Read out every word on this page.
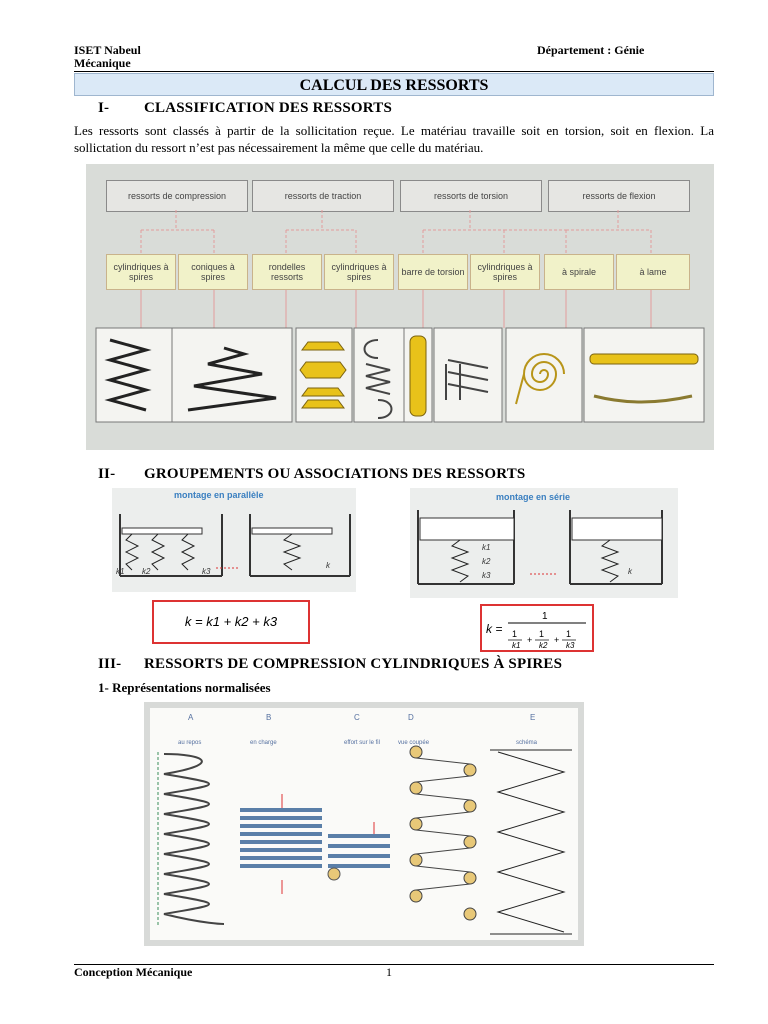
ISET Nabeul
Mécanique
Département : Génie
CALCUL DES RESSORTS
I- CLASSIFICATION DES RESSORTS
Les ressorts sont classés à partir de la sollicitation reçue. Le matériau travaille soit en torsion, soit en flexion. La sollictation du ressort n’est pas nécessairement la même que celle du matériau.
ressorts de compression	ressorts de traction	ressorts de torsion	ressorts de flexion
cylindriques à spires
coniques à spires
rondelles ressorts
cylindriques à spires	barre de torsion	cylindriques à spires	à spirale	à lame
II- GROUPEMENTS OU ASSOCIATIONS DES RESSORTS
montage en parallèle
k1 k2	k3
k
k = k1 + k2 + k3
montage en série
k1
k2
k3	k
k =
1
1
k1
1
k2
1
k3
+ +
III- RESSORTS DE COMPRESSION CYLINDRIQUES À SPIRES
1- Représentations normalisées
A	B	C	D	E
au repos	en charge	effort sur le fil	vue coupée	schéma
Conception Mécanique	1
